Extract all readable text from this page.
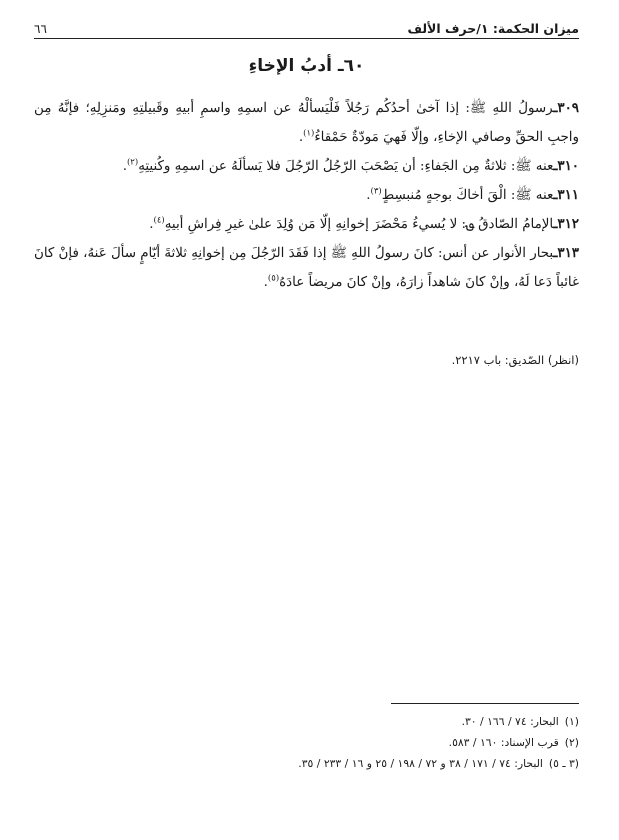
ميزان الحكمة: ١/حرف الألف
٦٦
٦٠ـ أدبُ الإخاءِ

٣٠٩ـرسولُ اللهِ ﷺ: إذا آخىٰ أحدُكُم رَجُلاً فَلْيَسألْهُ عن اسمِهِ واسمِ أبيهِ وقَبيلتِهِ ومَنزِلِهِ؛ فإنَّهُ مِن واجبِ الحقِّ وصافي الإخاءِ، وإلّا فَهيَ مَودّةٌ حَمْقاءُ$^{(١)}$.

٣١٠ـعنه ﷺ: ثلاثةٌ مِن الجَفاءِ: أن يَصْحَبَ الرّجُلُ الرّجُلَ فلا يَسألَهُ عن اسمِهِ وكُنيتِهِ$^{(٢)}$.

٣١١ـعنه ﷺ: الْقَ أخاكَ بوجهٍ مُنبسِطٍ$^{(٣)}$.

٣١٢ـالإمامُ الصّادقُ ؈: لا يُسيءُ مَحْضَرَ إخوانِهِ إلّا مَن وُلِدَ علىٰ غيرِ فِراشِ أبيهِ$^{(٤)}$.

٣١٣ـبحار الأنوار عن أنس: كانَ رسولُ اللهِ ﷺ إذا فَقَدَ الرّجُلَ مِن إخوانِهِ ثلاثةَ أيّامٍ سألَ عَنهُ، فإنْ كانَ غائباً دَعا لَهُ، وإنْ كانَ شاهداً زارَهُ، وإنْ كانَ مريضاً عادَهُ$^{(٥)}$.

(انظر) الصّديق: باب ٢٢١٧.
(١)
البحار: ٧٤ / ١٦٦ / ٣٠.
(٢)
قرب الإسناد: ١٦٠ / ٥٨٣.
(٣ ـ ٥)
البحار: ٧٤ / ١٧١ / ٣٨ و ٧٢ / ١٩٨ / ٢٥ و ١٦ / ٢٣٣ / ٣٥.
